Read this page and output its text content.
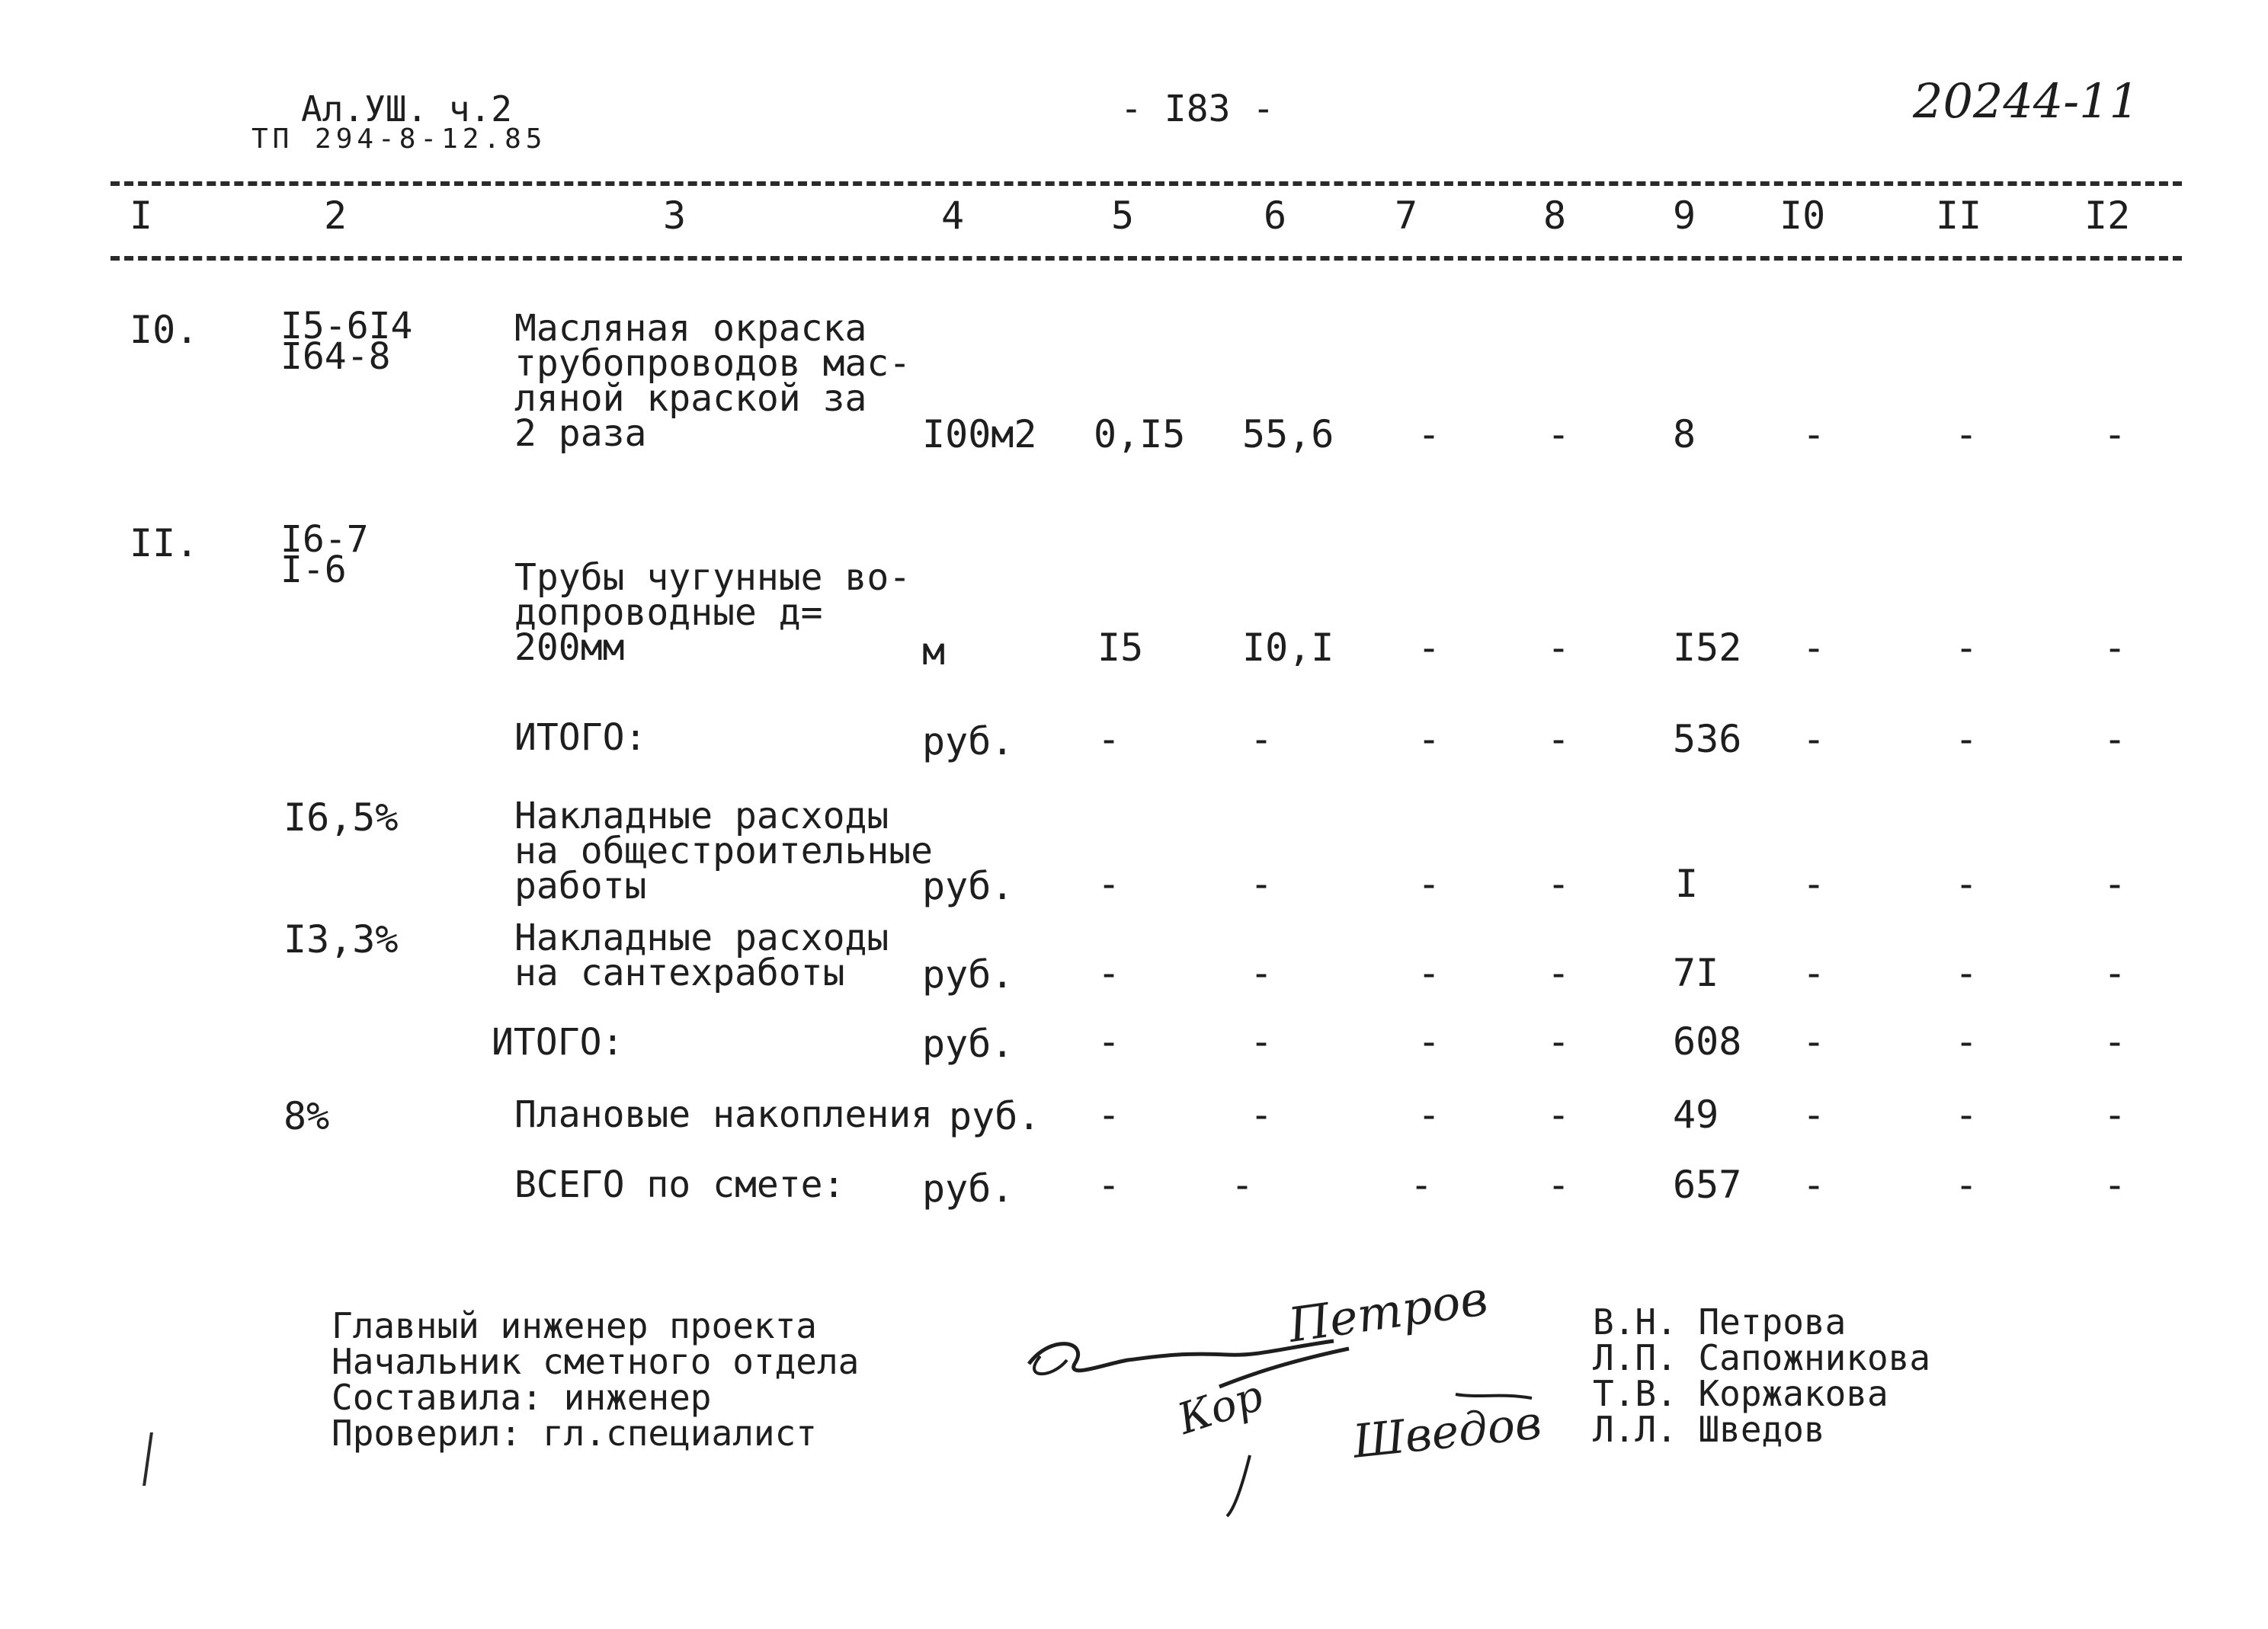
Ал.УШ. ч.2
ТП 294-8-12.85
- I83 -	20244-11
I	2	3	4	5	6	7	8	9 I0	II	I2
I0. I5-6I4
I64-8
Масляная окраска
трубопроводов мас-
ляной краской за
2 раза	I00м2 0,I5 55,6 -	-	8	-	-	-
II. I6-7
I-6	Трубы чугунные во-
допроводные д=
200мм	м	I5	I0,I -	-	I52 -	-	-
ИТОГО:	руб. -	-	-	-	536 -	-	-
I6,5%	Накладные расходы
на общестроительные
работы	руб. -	-	-	-	I	-	-	-
I3,3%	Накладные расходы
на сантехработы	руб. -	-	-	-	7I -	-	-
ИТОГО:	руб. -	-	-	-	608 -	-	-
8%	Плановые накопления руб. -	-	-	-	49 -	-	-
ВСЕГО по смете: руб. -	-	-	-	657 -	-	-
Главный инженер проекта
Начальник сметного отдела
Составила: инженер
Проверил: гл.специалист
Петров
Кор Шведов
В.Н. Петрова
Л.П. Сапожникова
Т.В. Коржакова
Л.Л. Шведов
